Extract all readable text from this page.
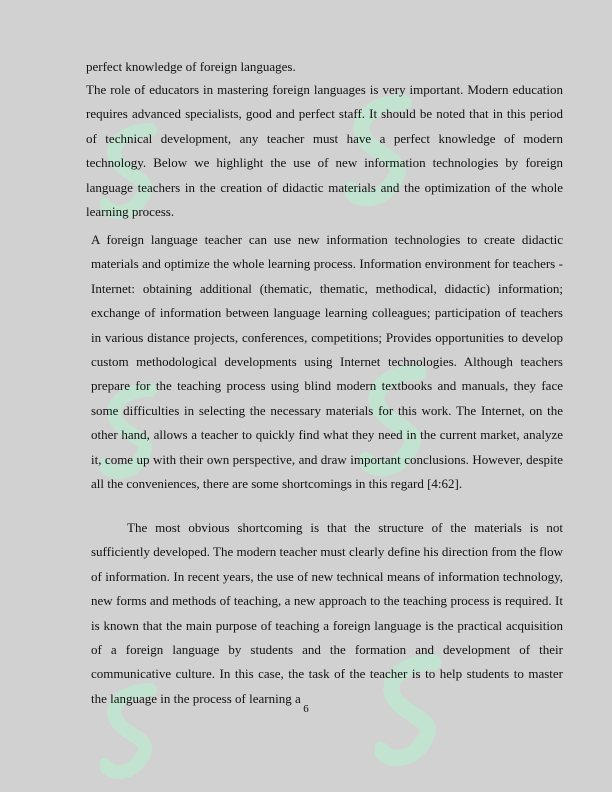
perfect knowledge of foreign languages.

The role of educators in mastering foreign languages is very important. Modern education requires advanced specialists, good and perfect staff. It should be noted that in this period of technical development, any teacher must have a perfect knowledge of modern technology. Below we highlight the use of new information technologies by foreign language teachers in the creation of didactic materials and the optimization of the whole learning process.

A foreign language teacher can use new information technologies to create didactic materials and optimize the whole learning process. Information environment for teachers - Internet: obtaining additional (thematic, thematic, methodical, didactic) information; exchange of information between language learning colleagues; participation of teachers in various distance projects, conferences, competitions; Provides opportunities to develop custom methodological developments using Internet technologies. Although teachers prepare for the teaching process using blind modern textbooks and manuals, they face some difficulties in selecting the necessary materials for this work. The Internet, on the other hand, allows a teacher to quickly find what they need in the current market, analyze it, come up with their own perspective, and draw important conclusions. However, despite all the conveniences, there are some shortcomings in this regard [4:62].

The most obvious shortcoming is that the structure of the materials is not sufficiently developed. The modern teacher must clearly define his direction from the flow of information. In recent years, the use of new technical means of information technology, new forms and methods of teaching, a new approach to the teaching process is required. It is known that the main purpose of teaching a foreign language is the practical acquisition of a foreign language by students and the formation and development of their communicative culture. In this case, the task of the teacher is to help students to master the language in the process of learning a

6
